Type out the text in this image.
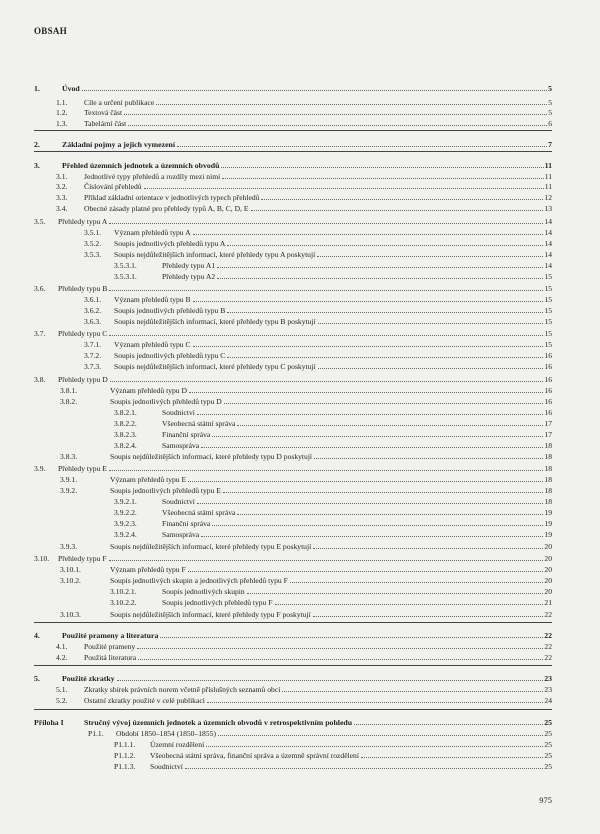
OBSAH
1.	Úvod	5
1.1.	Cíle a určení publikace	5
1.2.	Textová část	5
1.3.	Tabelární část	6
2.	Základní pojmy a jejich vymezení	7
3.	Přehled územních jednotek a územních obvodů	11
3.1.	Jednotlivé typy přehledů a rozdíly mezi nimi	11
3.2.	Číslování přehledů	11
3.3.	Příklad základní orientace v jednotlivých typech přehledů	12
3.4.	Obecné zásady platné pro přehledy typů A, B, C, D, E	13
3.5.	Přehledy typu A	14
3.5.1.	Význam přehledů typu A	14
3.5.2.	Soupis jednotlivých přehledů typu A	14
3.5.3.	Soupis nejdůležitějších informací, které přehledy typu A poskytují	14
3.5.3.1.	Přehledy typu A1	14
3.5.3.1.	Přehledy typu A2	15
3.6.	Přehledy typu B	15
3.6.1.	Význam přehledů typu B	15
3.6.2.	Soupis jednotlivých přehledů typu B	15
3.6.3.	Soupis nejdůležitějších informací, které přehledy typu B poskytují	15
3.7.	Přehledy typu C	15
3.7.1.	Význam přehledů typu C	15
3.7.2.	Soupis jednotlivých přehledů typu C	16
3.7.3.	Soupis nejdůležitějších informací, které přehledy typu C poskytují	16
3.8.	Přehledy typu D	16
3.8.1.	Význam přehledů typu D	16
3.8.2.	Soupis jednotlivých přehledů typu D	16
3.8.2.1.	Soudnictví	16
3.8.2.2.	Všeobecná státní správa	17
3.8.2.3.	Finanční správa	17
3.8.2.4.	Samospráva	18
3.8.3.	Soupis nejdůležitějších informací, které přehledy typu D poskytují	18
3.9.	Přehledy typu E	18
3.9.1.	Význam přehledů typu E	18
3.9.2.	Soupis jednotlivých přehledů typu E	18
3.9.2.1.	Soudnictví	18
3.9.2.2.	Všeobecná státní správa	19
3.9.2.3.	Finanční správa	19
3.9.2.4.	Samospráva	19
3.9.3.	Soupis nejdůležitějších informací, které přehledy typu E poskytují	20
3.10.	Přehledy typu F	20
3.10.1.	Význam přehledů typu F	20
3.10.2.	Soupis jednotlivých skupin a jednotlivých přehledů typu F	20
3.10.2.1.	Soupis jednotlivých skupin	20
3.10.2.2.	Soupis jednotlivých přehledů typu F	21
3.10.3.	Soupis nejdůležitějších informací, které přehledy typu F poskytují	22
4.	Použité prameny a literatura	22
4.1.	Použité prameny	22
4.2.	Použitá literatura	22
5.	Použité zkratky	23
5.1.	Zkratky sbírek právních norem včetně příslušných seznamů obcí	23
5.2.	Ostatní zkratky použité v celé publikaci	24
Příloha I	Stručný vývoj územních jednotek a územních obvodů v retrospektivním pohledu	25
P1.1.	Období 1850–1854 (1850–1855)	25
P1.1.1.	Územní rozdělení	25
P1.1.2.	Všeobecná státní správa, finanční správa a územně správní rozdělení	25
P1.1.3.	Soudnictví	25
975
